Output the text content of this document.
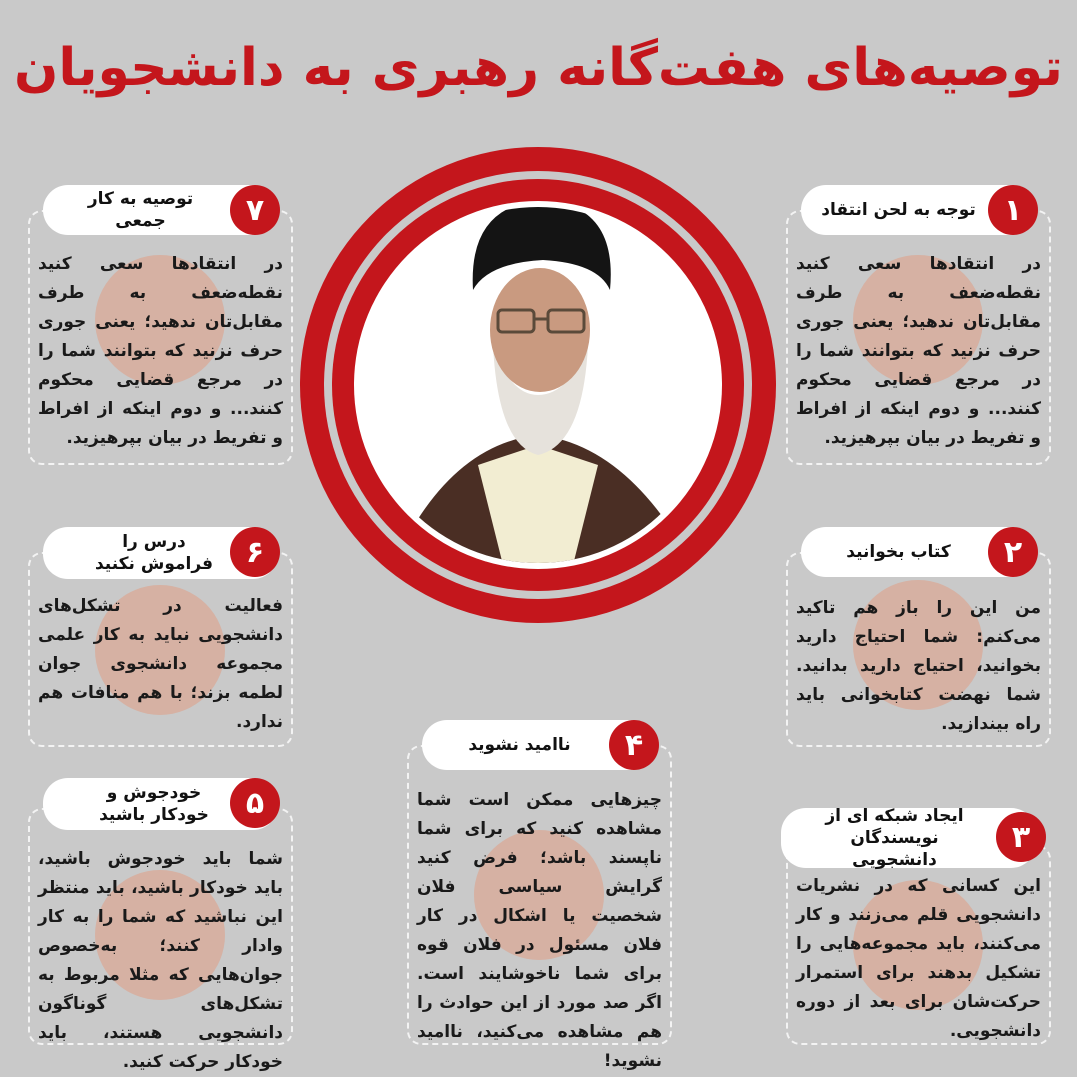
توصیه‌های هفت‌گانه رهبری به دانشجویان
در انتقادها سعی کنید نقطه‌ضعف به طرف مقابل‌تان ندهید؛ یعنی جوری حرف نزنید که بتوانند شما را در مرجع قضایی محکوم کنند... و دوم اینکه از افراط و تفریط در بیان بپرهیزید.
توجه به لحن انتقاد ۱
در انتقادها سعی کنید نقطه‌ضعف به طرف مقابل‌تان ندهید؛ یعنی جوری حرف نزنید که بتوانند شما را در مرجع قضایی محکوم کنند... و دوم اینکه از افراط و تفریط در بیان بپرهیزید.
توصیه به کار جمعی	۷
من این را باز هم تاکید می‌کنم: شما احتیاج دارید بخوانید، احتیاج دارید بدانید. شما نهضت کتابخوانی باید راه بیندازید.
کتاب بخوانید	۲
فعالیت در تشکل‌های دانشجویی نباید به کار علمی مجموعه دانشجوی جوان لطمه بزند؛ با هم منافات هم ندارد.
درس را فراموش نکنید	۶
چیزهایی ممکن است شما مشاهده کنید که برای شما ناپسند باشد؛ فرض کنید گرایش سیاسی فلان شخصیت یا اشکال در کار فلان مسئول در فلان قوه برای شما ناخوشایند است. اگر صد مورد از این حوادث را هم مشاهده می‌کنید، ناامید نشوید!
ناامید نشوید	۴
شما باید خودجوش باشید، باید خودکار باشید، باید منتظر این نباشید که شما را به کار وادار کنند؛ به‌خصوص جوان‌هایی که مثلا مربوط به تشکل‌های گوناگون دانشجویی هستند، باید خودکار حرکت کنید.
خودجوش و خودکار باشید	۵
این کسانی که در نشریات دانشجویی قلم می‌زنند و کار می‌کنند، باید مجموعه‌هایی را تشکیل بدهند برای استمرار حرکت‌شان برای بعد از دوره دانشجویی.
ایجاد شبکه ای از نویسندگان دانشجویی
۳
